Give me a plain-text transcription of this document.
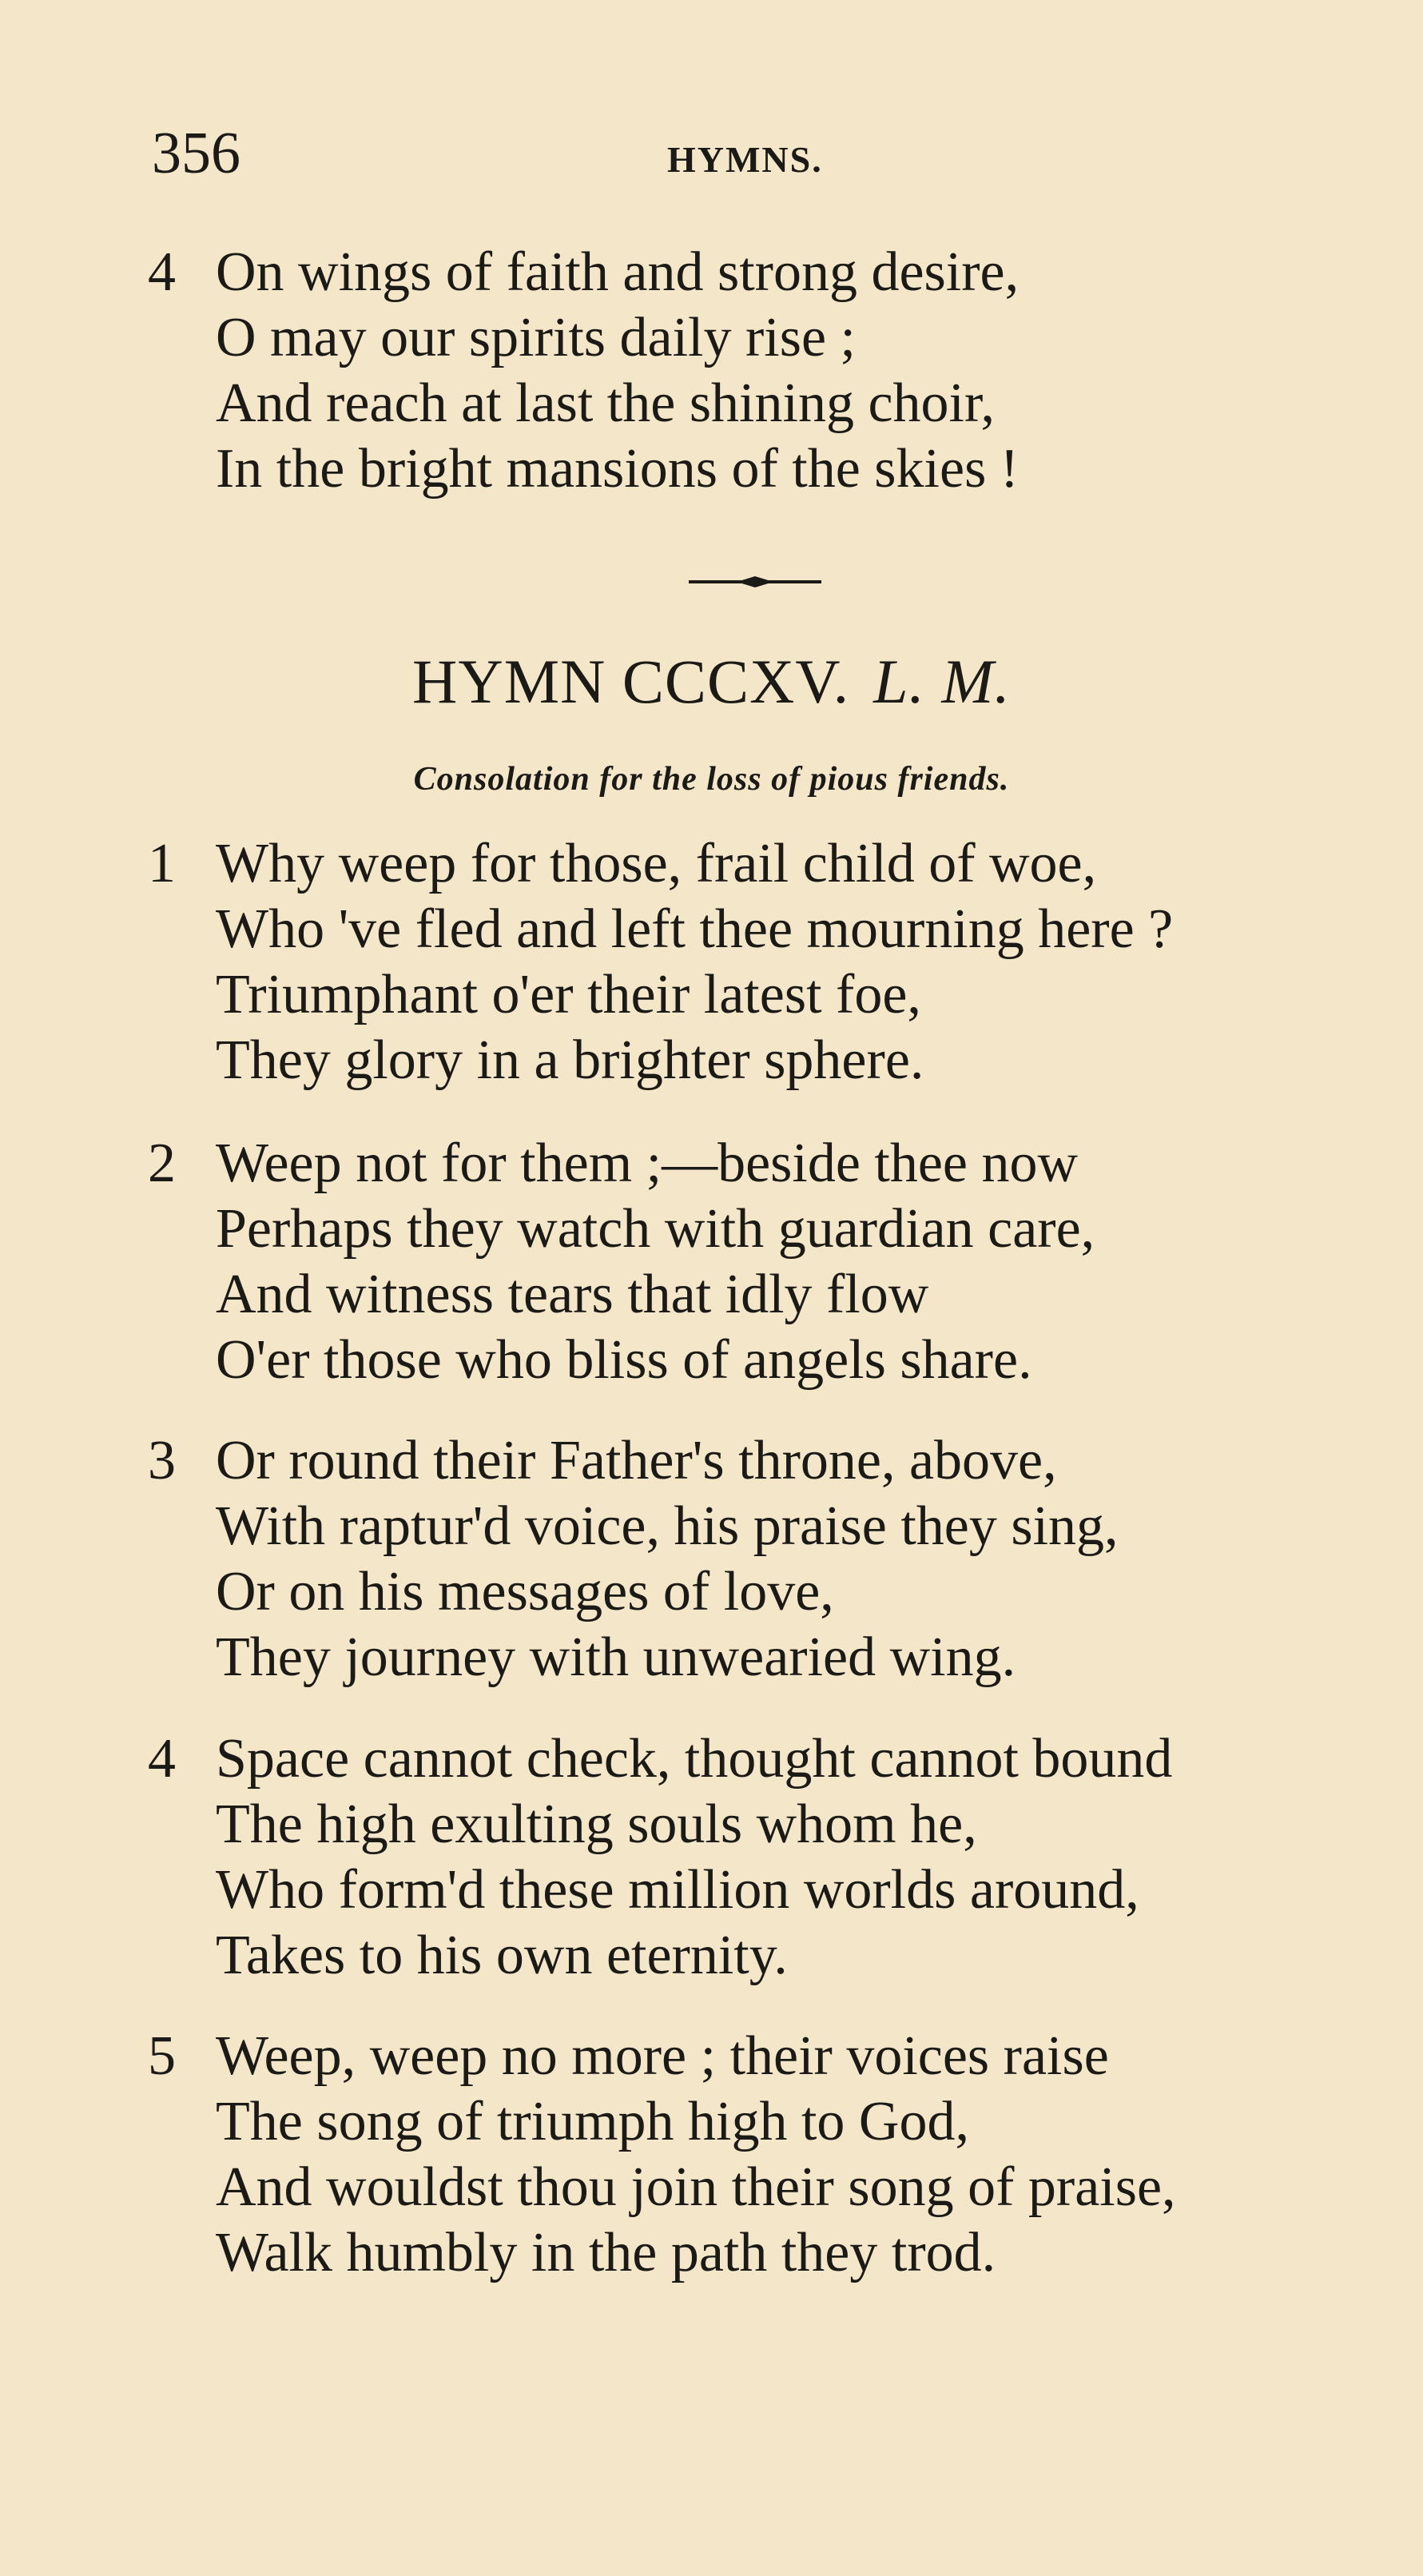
356	HYMNS.
4 On wings of faith and strong desire,
O may our spirits daily rise ;
And reach at last the shining choir,
In the bright mansions of the skies !
HYMN CCCXV. L. M.
Consolation for the loss of pious friends.
1 Why weep for those, frail child of woe,
Who 've fled and left thee mourning here ?
Triumphant o'er their latest foe,
They glory in a brighter sphere.
2 Weep not for them ;—beside thee now
Perhaps they watch with guardian care,
And witness tears that idly flow
O'er those who bliss of angels share.
3 Or round their Father's throne, above,
With raptur'd voice, his praise they sing,
Or on his messages of love,
They journey with unwearied wing.
4 Space cannot check, thought cannot bound
The high exulting souls whom he,
Who form'd these million worlds around,
Takes to his own eternity.
5 Weep, weep no more ; their voices raise
The song of triumph high to God,
And wouldst thou join their song of praise,
Walk humbly in the path they trod.
